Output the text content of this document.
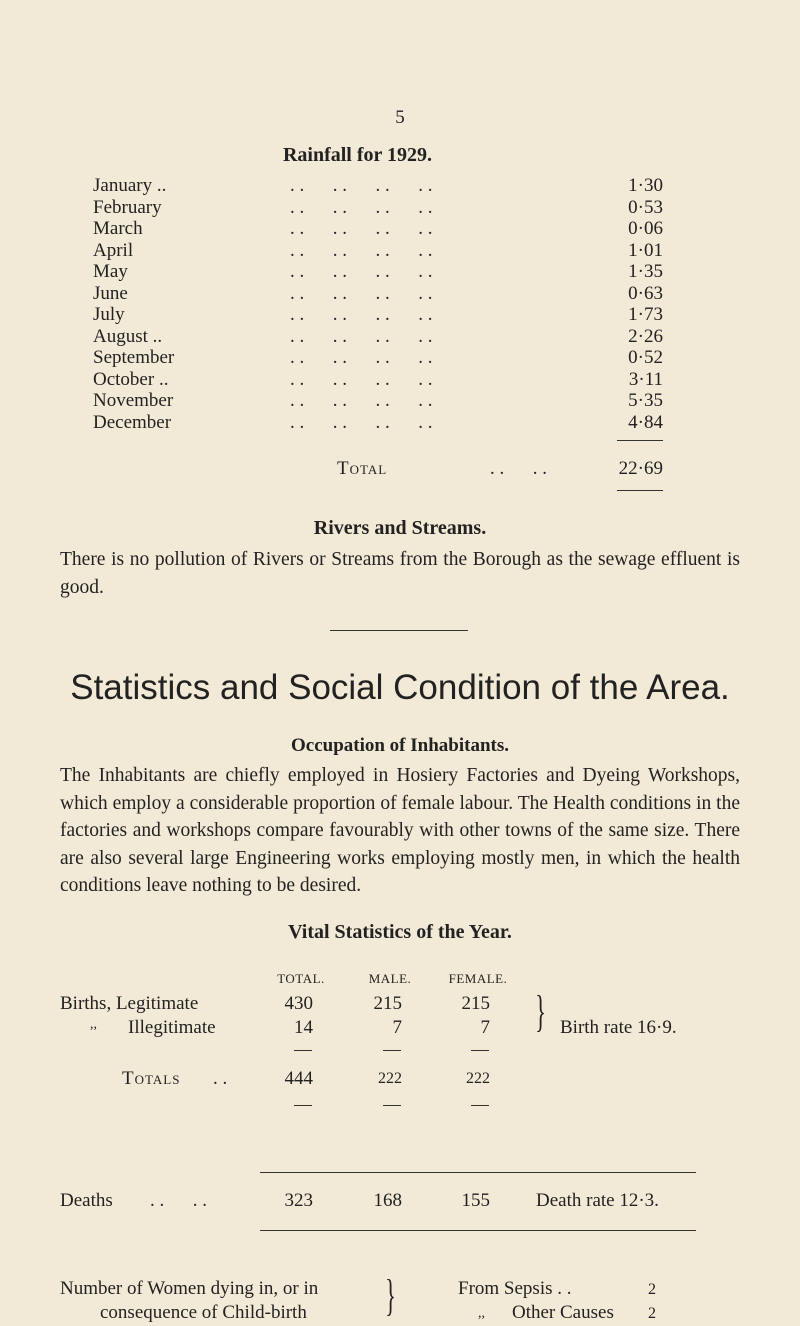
5
Rainfall for 1929.
January ..	. .      . .      . .      . .	1·30
February	. .      . .      . .      . .	0·53
March	. .      . .      . .      . .	0·06
April	. .      . .      . .      . .	1·01
May	. .      . .      . .      . .	1·35
June	. .      . .      . .      . .	0·63
July	. .      . .      . .      . .	1·73
August ..	. .      . .      . .      . .	2·26
September	. .      . .      . .      . .	0·52
October ..	. .      . .      . .      . .	3·11
November	. .      . .      . .      . .	5·35
December	. .      . .      . .      . .	4·84
Total	. .      . .	22·69
Rivers and Streams.
There is no pollution of Rivers or Streams from the Borough as the sewage effluent is good.
Statistics and Social Condition of the Area.
Occupation of Inhabitants.
The Inhabitants are chiefly employed in Hosiery Factories and Dyeing Workshops, which employ a considerable proportion of female labour. The Health conditions in the factories and workshops compare favourably with other towns of the same size. There are also several large Engineering works employing mostly men, in which the health conditions leave nothing to be desired.
Vital Statistics of the Year.
TOTAL.	MALE.	FEMALE.
Births, Legitimate	430	215	215
,, Illegitimate	14	7	7 } Birth rate 16·9.
Totals . .	444	222	222
Deaths . .      . .	323	168	155 Death rate 12·3.
Number of Women dying in, or in
consequence of Child-birth }	From Sepsis . .	2
,, Other Causes 2
